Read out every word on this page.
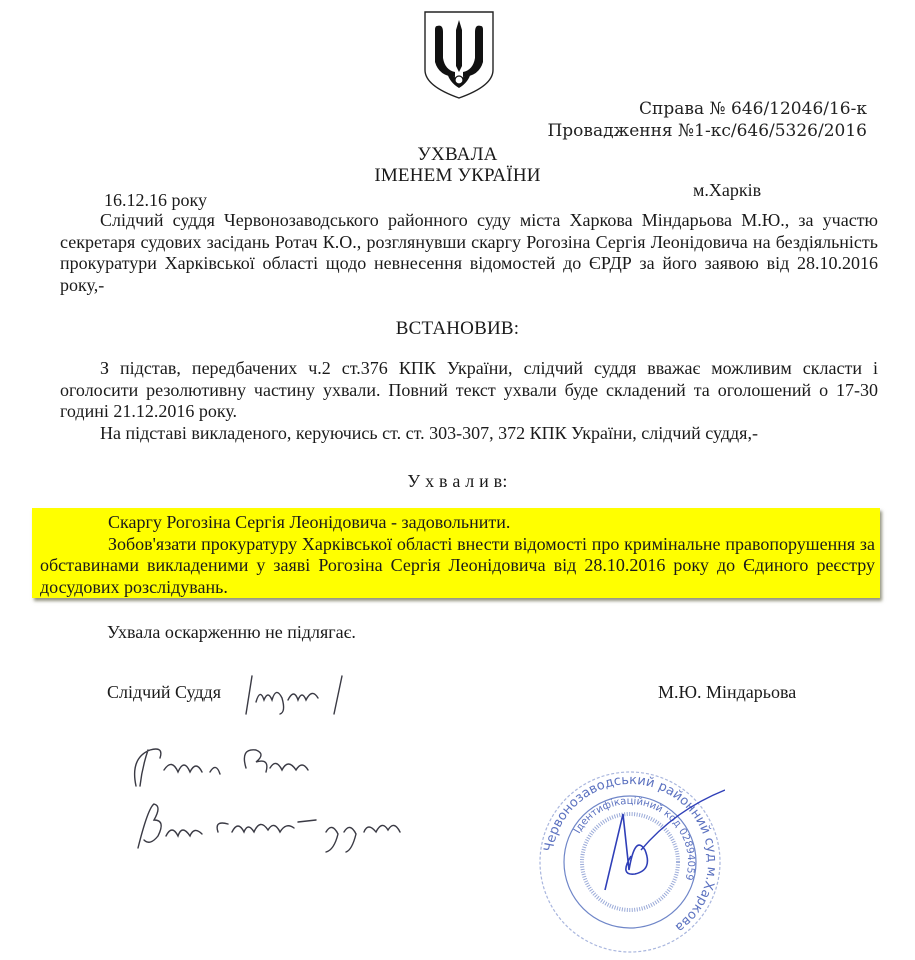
Справа № 646/12046/16-к
Провадження №1-кс/646/5326/2016
УХВАЛА
ІМЕНЕМ УКРАЇНИ
16.12.16 року	м.Харків

Слідчий суддя Червонозаводського районного суду міста Харкова Міндарьова М.Ю., за участю секретаря судових засідань Ротач К.О., розглянувши скаргу Рогозіна Сергія Леонідовича на бездіяльність прокуратури Харківської області щодо невнесення відомостей до ЄРДР за його заявою від 28.10.2016 року,-

ВСТАНОВИВ:

З підстав, передбачених ч.2 ст.376 КПК України, слідчий суддя вважає можливим скласти і оголосити резолютивну частину ухвали. Повний текст ухвали буде складений та оголошений о 17-30 годині 21.12.2016 року.

На підставі викладеного, керуючись ст. ст. 303-307, 372 КПК України, слідчий суддя,-

У х в а л и в:

Скаргу Рогозіна Сергія Леонідовича - задовольнити.

Зобов'язати прокуратуру Харківської області внести відомості про кримінальне правопорушення за обставинами викладеними у заяві Рогозіна Сергія Леонідовича від 28.10.2016 року до Єдиного реєстру досудових розслідувань.

Ухвала оскарженню не підлягає.
Слідчий Суддя	М.Ю. Міндарьова
Червонозаводський районний суд м.Харкова
Ідентифікаційний код 02894059
